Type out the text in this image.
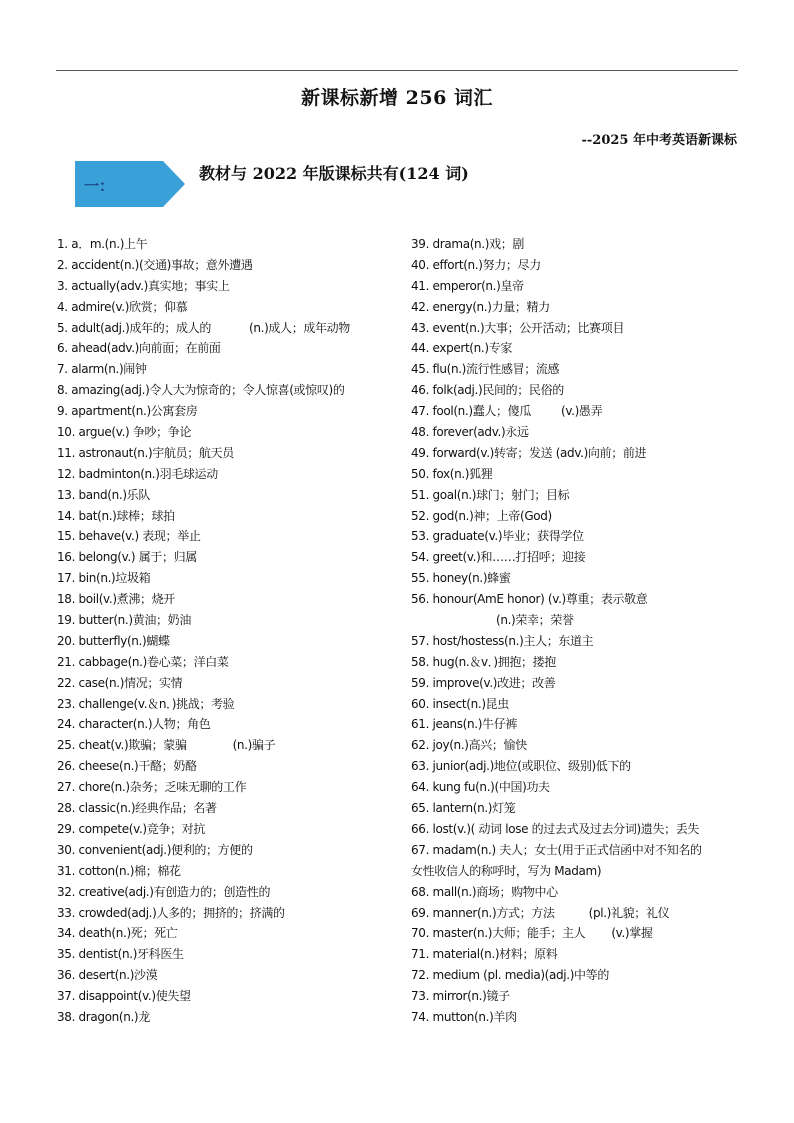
新课标新增 256 词汇
--2025 年中考英语新课标
一：
教材与 2022 年版课标共有(124 词)
1. a．m.(n.)上午
2. accident(n.)(交通)事故；意外遭遇
3. actually(adv.)真实地；事实上
4. admire(v.)欣赏；仰慕
5. adult(adj.)成年的；成人的	(n.)成人；成年动物
6. ahead(adv.)向前面；在前面
7. alarm(n.)闹钟
8. amazing(adj.)令人大为惊奇的；令人惊喜(或惊叹)的
9. apartment(n.)公寓套房
10. argue(v.) 争吵；争论
11. astronaut(n.)宇航员；航天员
12. badminton(n.)羽毛球运动
13. band(n.)乐队
14. bat(n.)球棒；球拍
15. behave(v.) 表现；举止
16. belong(v.) 属于；归属
17. bin(n.)垃圾箱
18. boil(v.)煮沸；烧开
19. butter(n.)黄油；奶油
20. butterfly(n.)蝴蝶
21. cabbage(n.)卷心菜；洋白菜
22. case(n.)情况；实情
23. challenge(v.＆n．)挑战；考验
24. character(n.)人物；角色
25. cheat(v.)欺骗；蒙骗	(n.)骗子
26. cheese(n.)干酪；奶酪
27. chore(n.)杂务；乏味无聊的工作
28. classic(n.)经典作品；名著
29. compete(v.)竞争；对抗
30. convenient(adj.)便利的；方便的
31. cotton(n.)棉；棉花
32. creative(adj.)有创造力的；创造性的
33. crowded(adj.)人多的；拥挤的；挤满的
34. death(n.)死；死亡
35. dentist(n.)牙科医生
36. desert(n.)沙漠
37. disappoint(v.)使失望
38. dragon(n.)龙
39. drama(n.)戏；剧
40. effort(n.)努力；尽力
41. emperor(n.)皇帝
42. energy(n.)力量；精力
43. event(n.)大事；公开活动；比赛项目
44. expert(n.)专家
45. flu(n.)流行性感冒；流感
46. folk(adj.)民间的；民俗的
47. fool(n.)蠢人；傻瓜	(v.)愚弄
48. forever(adv.)永远
49. forward(v.)转寄；发送 (adv.)向前；前进
50. fox(n.)狐狸
51. goal(n.)球门；射门；目标
52. god(n.)神；上帝(God)
53. graduate(v.)毕业；获得学位
54. greet(v.)和……打招呼；迎接
55. honey(n.)蜂蜜
56. honour(AmE honor) (v.)尊重；表示敬意
(n.)荣幸；荣誉
57. host/hostess(n.)主人；东道主
58. hug(n.＆v．)拥抱；搂抱
59. improve(v.)改进；改善
60. insect(n.)昆虫
61. jeans(n.)牛仔裤
62. joy(n.)高兴；愉快
63. junior(adj.)地位(或职位、级别)低下的
64. kung fu(n.)(中国)功夫
65. lantern(n.)灯笼
66. lost(v.)( 动词 lose 的过去式及过去分词)遗失；丢失
67. madam(n.) 夫人；女士(用于正式信函中对不知名的
女性收信人的称呼时，写为 Madam)
68. mall(n.)商场；购物中心
69. manner(n.)方式；方法	(pl.)礼貌；礼仪
70. master(n.)大师；能手；主人 (v.)掌握
71. material(n.)材料；原料
72. medium (pl. media)(adj.)中等的
73. mirror(n.)镜子
74. mutton(n.)羊肉
